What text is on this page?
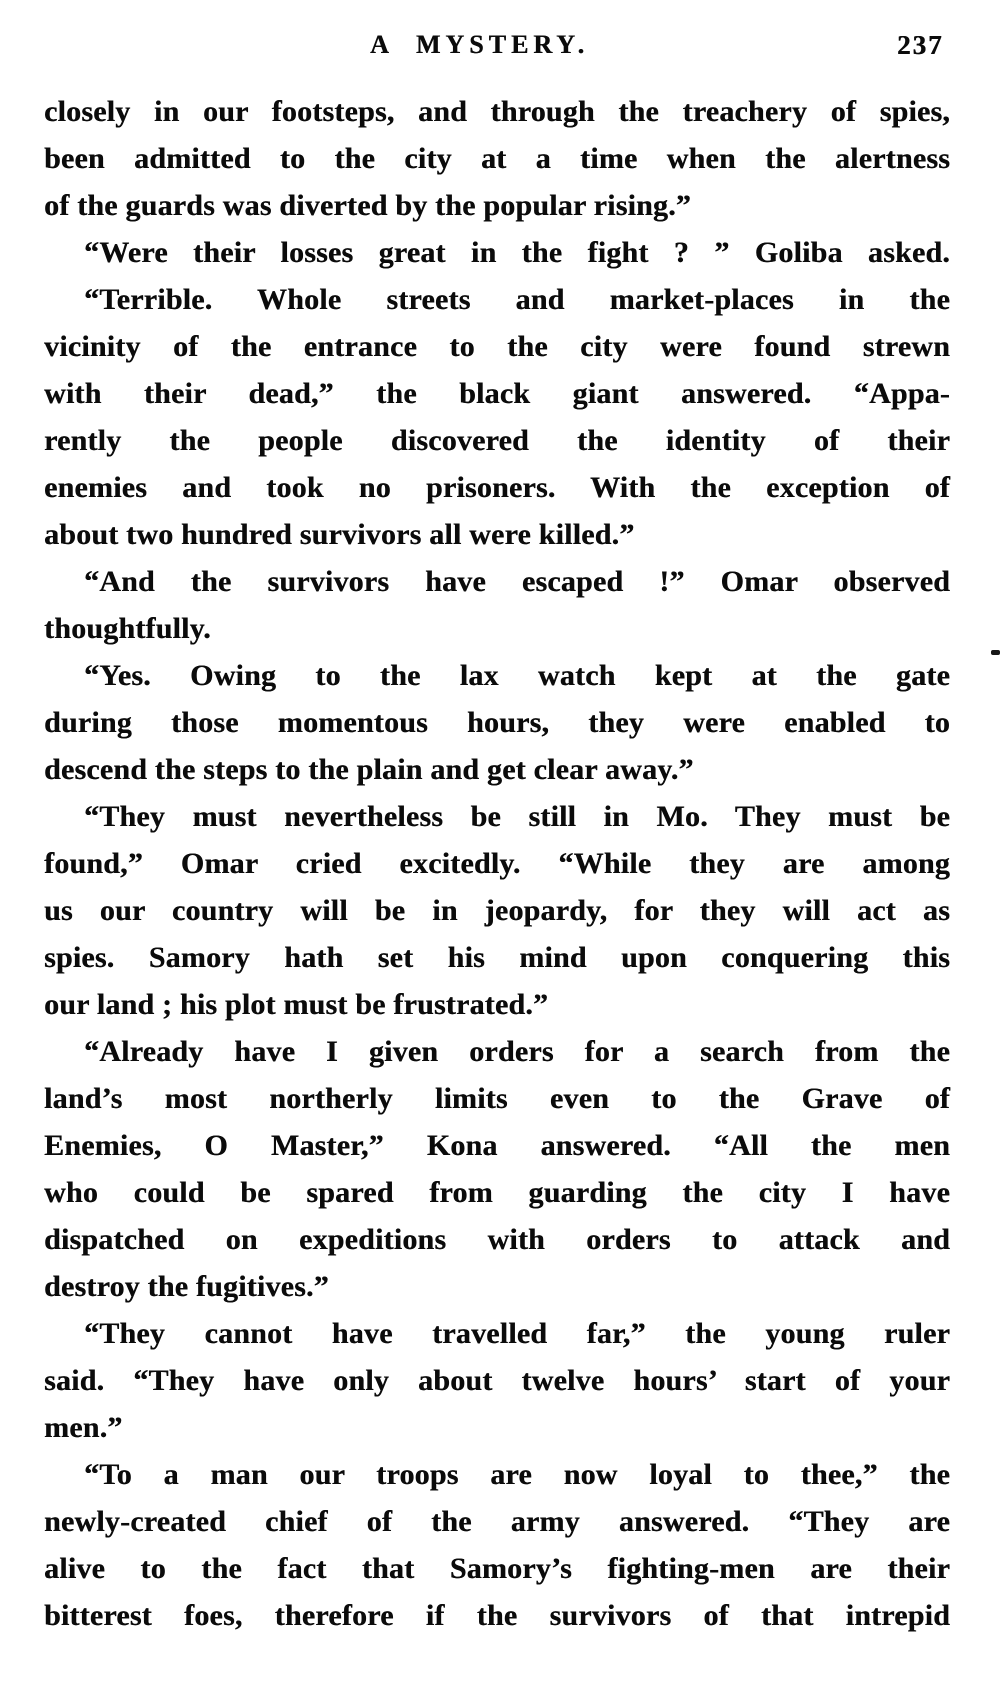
A MYSTERY.	237

closely in our footsteps, and through the treachery of spies,
been admitted to the city at a time when the alertness
of the guards was diverted by the popular rising.”

“Were their losses great in the fight ? ” Goliba asked.

“Terrible. Whole streets and market-places in the
vicinity of the entrance to the city were found strewn
with their dead,” the black giant answered. “Appa-
rently the people discovered the identity of their
enemies and took no prisoners. With the exception of
about two hundred survivors all were killed.”

“And the survivors have escaped !” Omar observed
thoughtfully.

“Yes. Owing to the lax watch kept at the gate
during those momentous hours, they were enabled to
descend the steps to the plain and get clear away.”

“They must nevertheless be still in Mo. They must be
found,” Omar cried excitedly. “While they are among
us our country will be in jeopardy, for they will act as
spies. Samory hath set his mind upon conquering this
our land ; his plot must be frustrated.”

“Already have I given orders for a search from the
land’s most northerly limits even to the Grave of
Enemies, O Master,” Kona answered. “All the men
who could be spared from guarding the city I have
dispatched on expeditions with orders to attack and
destroy the fugitives.”

“They cannot have travelled far,” the young ruler
said. “They have only about twelve hours’ start of your
men.”

“To a man our troops are now loyal to thee,” the
newly-created chief of the army answered. “They are
alive to the fact that Samory’s fighting-men are their
bitterest foes, therefore if the survivors of that intrepid
